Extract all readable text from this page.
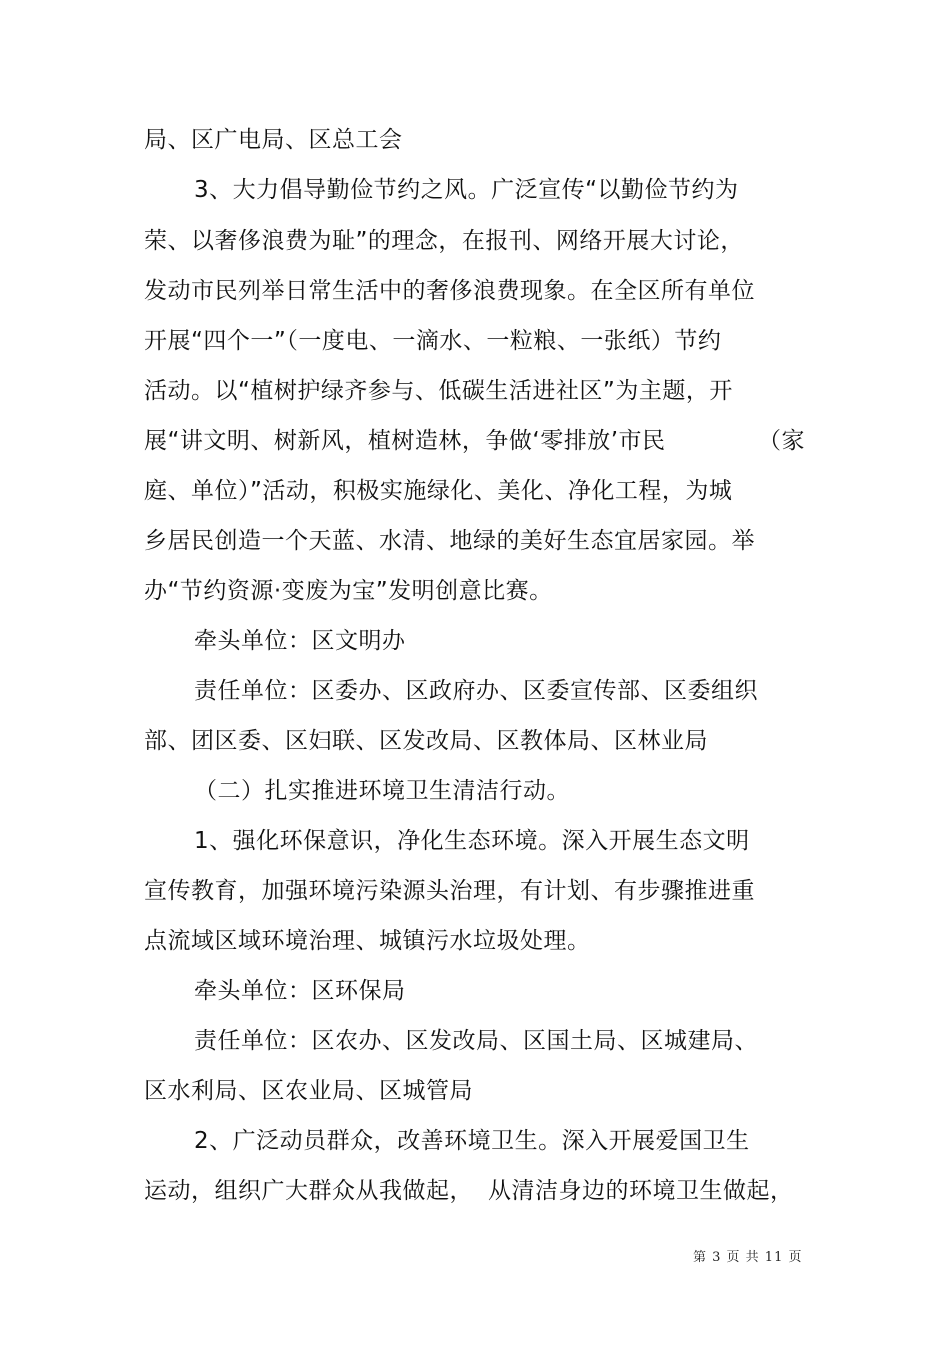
局、区广电局、区总工会
3、大力倡导勤俭节约之风。广泛宣传“以勤俭节约为
荣、以奢侈浪费为耻”的理念，在报刊、网络开展大讨论，
发动市民列举日常生活中的奢侈浪费现象。在全区所有单位
开展“四个一”（一度电、一滴水、一粒粮、一张纸）节约
活动。以“植树护绿齐参与、低碳生活进社区”为主题，开
展“讲文明、树新风，植树造林，争做‘零排放’市民	（家
庭、单位）”活动，积极实施绿化、美化、净化工程，为城
乡居民创造一个天蓝、水清、地绿的美好生态宜居家园。举
办“节约资源·变废为宝”发明创意比赛。
牵头单位：区文明办
责任单位：区委办、区政府办、区委宣传部、区委组织
部、团区委、区妇联、区发改局、区教体局、区林业局
（二）扎实推进环境卫生清洁行动。
1、强化环保意识，净化生态环境。深入开展生态文明
宣传教育，加强环境污染源头治理，有计划、有步骤推进重
点流域区域环境治理、城镇污水垃圾处理。
牵头单位：区环保局
责任单位：区农办、区发改局、区国土局、区城建局、
区水利局、区农业局、区城管局
2、广泛动员群众，改善环境卫生。深入开展爱国卫生
运动，组织广大群众从我做起， 从清洁身边的环境卫生做起，
第 3 页 共 11 页
